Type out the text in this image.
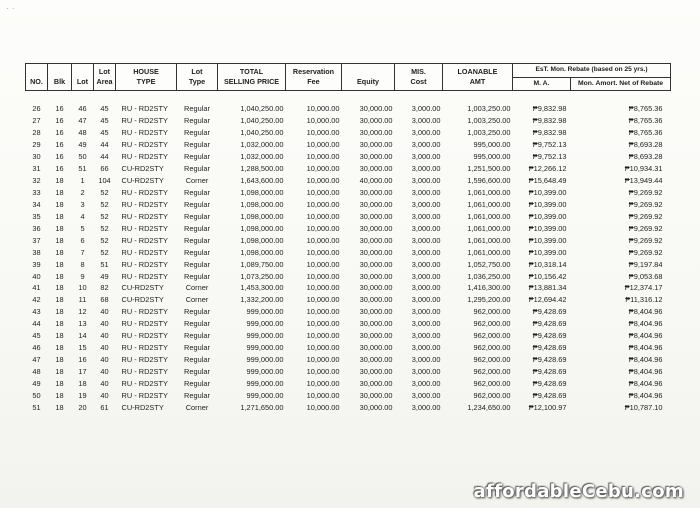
· ·
			Lot	HOUSE	Lot	TOTAL	Reservation		MIS.	LOANABLE	EsT. Mon. Rebate (based on 25 yrs.)	
NO.	Blk	Lot	Area	TYPE	Type	SELLING PRICE	Fee	Equity	Cost	AMT	M. A.	Mon. Amort. Net of Rebate

26	16	46	45	RU - RD2STY	Regular	1,040,250.00	10,000.00	30,000.00	3,000.00	1,003,250.00	₱9,832.98	₱8,765.36
27	16	47	45	RU - RD2STY	Regular	1,040,250.00	10,000.00	30,000.00	3,000.00	1,003,250.00	₱9,832.98	₱8,765.36
28	16	48	45	RU - RD2STY	Regular	1,040,250.00	10,000.00	30,000.00	3,000.00	1,003,250.00	₱9,832.98	₱8,765.36
29	16	49	44	RU - RD2STY	Regular	1,032,000.00	10,000.00	30,000.00	3,000.00	995,000.00	₱9,752.13	₱8,693.28
30	16	50	44	RU - RD2STY	Regular	1,032,000.00	10,000.00	30,000.00	3,000.00	995,000.00	₱9,752.13	₱8,693.28
31	16	51	66	CU-RD2STY	Regular	1,288,500.00	10,000.00	30,000.00	3,000.00	1,251,500.00	₱12,266.12	₱10,934.31
32	18	1	104	CU-RD2STY	Corner	1,643,600.00	10,000.00	40,000.00	3,000.00	1,596,600.00	₱15,648.49	₱13,949.44
33	18	2	52	RU - RD2STY	Regular	1,098,000.00	10,000.00	30,000.00	3,000.00	1,061,000.00	₱10,399.00	₱9,269.92
34	18	3	52	RU - RD2STY	Regular	1,098,000.00	10,000.00	30,000.00	3,000.00	1,061,000.00	₱10,399.00	₱9,269.92
35	18	4	52	RU - RD2STY	Regular	1,098,000.00	10,000.00	30,000.00	3,000.00	1,061,000.00	₱10,399.00	₱9,269.92
36	18	5	52	RU - RD2STY	Regular	1,098,000.00	10,000.00	30,000.00	3,000.00	1,061,000.00	₱10,399.00	₱9,269.92
37	18	6	52	RU - RD2STY	Regular	1,098,000.00	10,000.00	30,000.00	3,000.00	1,061,000.00	₱10,399.00	₱9,269.92
38	18	7	52	RU - RD2STY	Regular	1,098,000.00	10,000.00	30,000.00	3,000.00	1,061,000.00	₱10,399.00	₱9,269.92
39	18	8	51	RU - RD2STY	Regular	1,089,750.00	10,000.00	30,000.00	3,000.00	1,052,750.00	₱10,318.14	₱9,197.84
40	18	9	49	RU - RD2STY	Regular	1,073,250.00	10,000.00	30,000.00	3,000.00	1,036,250.00	₱10,156.42	₱9,053.68
41	18	10	82	CU-RD2STY	Corner	1,453,300.00	10,000.00	30,000.00	3,000.00	1,416,300.00	₱13,881.34	₱12,374.17
42	18	11	68	CU-RD2STY	Corner	1,332,200.00	10,000.00	30,000.00	3,000.00	1,295,200.00	₱12,694.42	₱11,316.12
43	18	12	40	RU - RD2STY	Regular	999,000.00	10,000.00	30,000.00	3,000.00	962,000.00	₱9,428.69	₱8,404.96
44	18	13	40	RU - RD2STY	Regular	999,000.00	10,000.00	30,000.00	3,000.00	962,000.00	₱9,428.69	₱8,404.96
45	18	14	40	RU - RD2STY	Regular	999,000.00	10,000.00	30,000.00	3,000.00	962,000.00	₱9,428.69	₱8,404.96
46	18	15	40	RU - RD2STY	Regular	999,000.00	10,000.00	30,000.00	3,000.00	962,000.00	₱9,428.69	₱8,404.96
47	18	16	40	RU - RD2STY	Regular	999,000.00	10,000.00	30,000.00	3,000.00	962,000.00	₱9,428.69	₱8,404.96
48	18	17	40	RU - RD2STY	Regular	999,000.00	10,000.00	30,000.00	3,000.00	962,000.00	₱9,428.69	₱8,404.96
49	18	18	40	RU - RD2STY	Regular	999,000.00	10,000.00	30,000.00	3,000.00	962,000.00	₱9,428.69	₱8,404.96
50	18	19	40	RU - RD2STY	Regular	999,000.00	10,000.00	30,000.00	3,000.00	962,000.00	₱9,428.69	₱8,404.96
51	18	20	61	CU-RD2STY	Corner	1,271,650.00	10,000.00	30,000.00	3,000.00	1,234,650.00	₱12,100.97	₱10,787.10
affordableCebu.com
